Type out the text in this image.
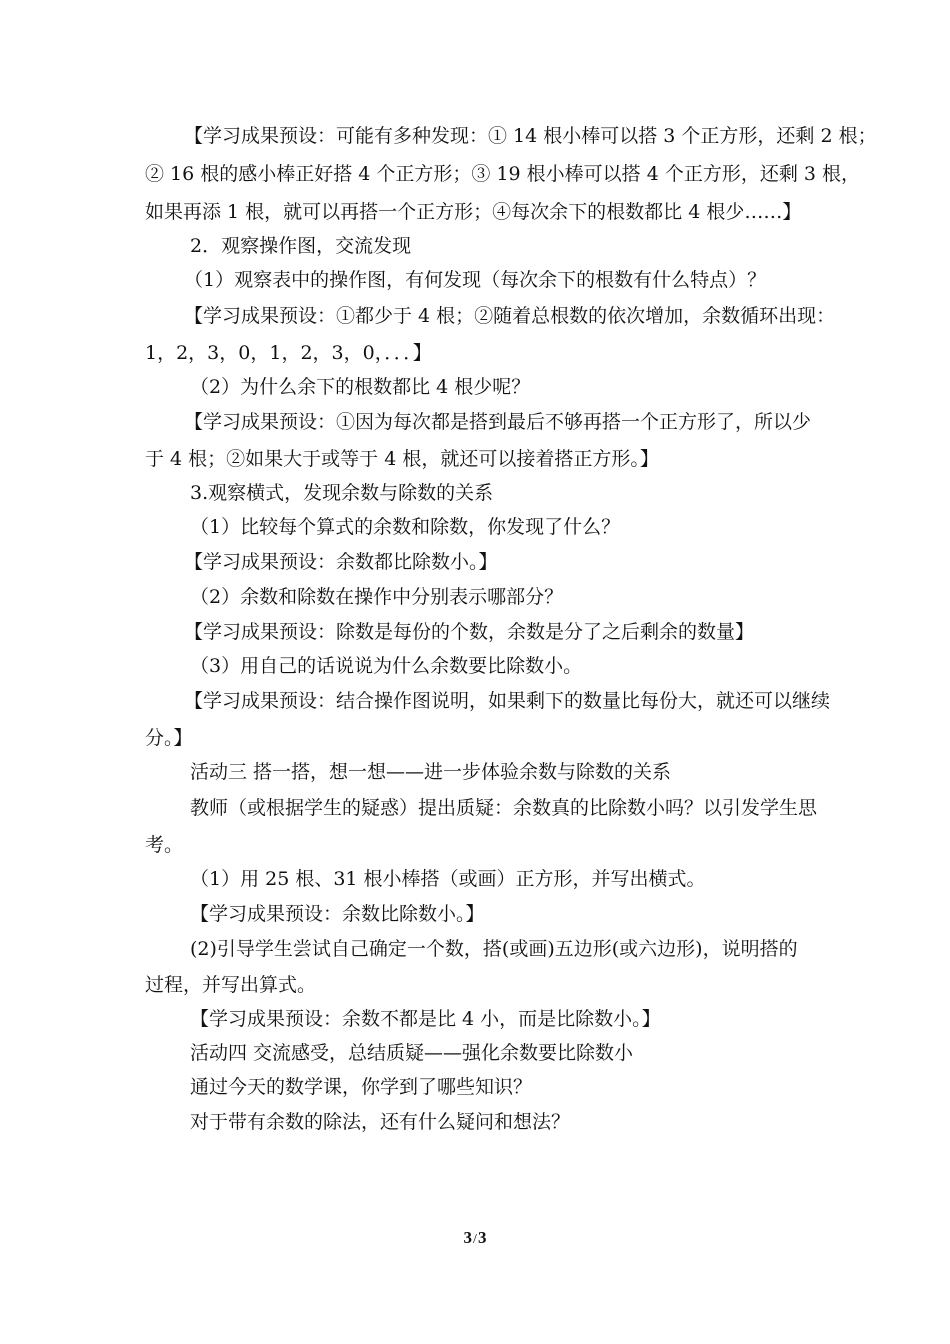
【学习成果预设：可能有多种发现：① 14 根小棒可以搭 3 个正方形，还剩 2 根；
② 16 根的感小棒正好搭 4 个正方形；③ 19 根小棒可以搭 4 个正方形，还剩 3 根，
如果再添 1 根，就可以再搭一个正方形；④每次余下的根数都比 4 根少……】
2．观察操作图，交流发现
（1）观察表中的操作图，有何发现（每次余下的根数有什么特点）？
【学习成果预设：①都少于 4 根；②随着总根数的依次增加，余数循环出现：
1，2，3，0，1，2，3，0，．．．】
（2）为什么余下的根数都比 4 根少呢？
【学习成果预设：①因为每次都是搭到最后不够再搭一个正方形了，所以少
于 4 根；②如果大于或等于 4 根，就还可以接着搭正方形。】
3.观察横式，发现余数与除数的关系
（1）比较每个算式的余数和除数，你发现了什么？
【学习成果预设：余数都比除数小。】
（2）余数和除数在操作中分别表示哪部分？
【学习成果预设：除数是每份的个数，余数是分了之后剩余的数量】
（3）用自己的话说说为什么余数要比除数小。
【学习成果预设：结合操作图说明，如果剩下的数量比每份大，就还可以继续
分。】
活动三 搭一搭，想一想——进一步体验余数与除数的关系
教师（或根据学生的疑惑）提出质疑：余数真的比除数小吗？以引发学生思
考。
（1）用 25 根、31 根小棒搭（或画）正方形，并写出横式。
【学习成果预设：余数比除数小。】
(2)引导学生尝试自己确定一个数，搭(或画)五边形(或六边形)，说明搭的
过程，并写出算式。
【学习成果预设：余数不都是比 4 小，而是比除数小。】
活动四 交流感受，总结质疑——强化余数要比除数小
通过今天的数学课，你学到了哪些知识？
对于带有余数的除法，还有什么疑问和想法？
3/3
